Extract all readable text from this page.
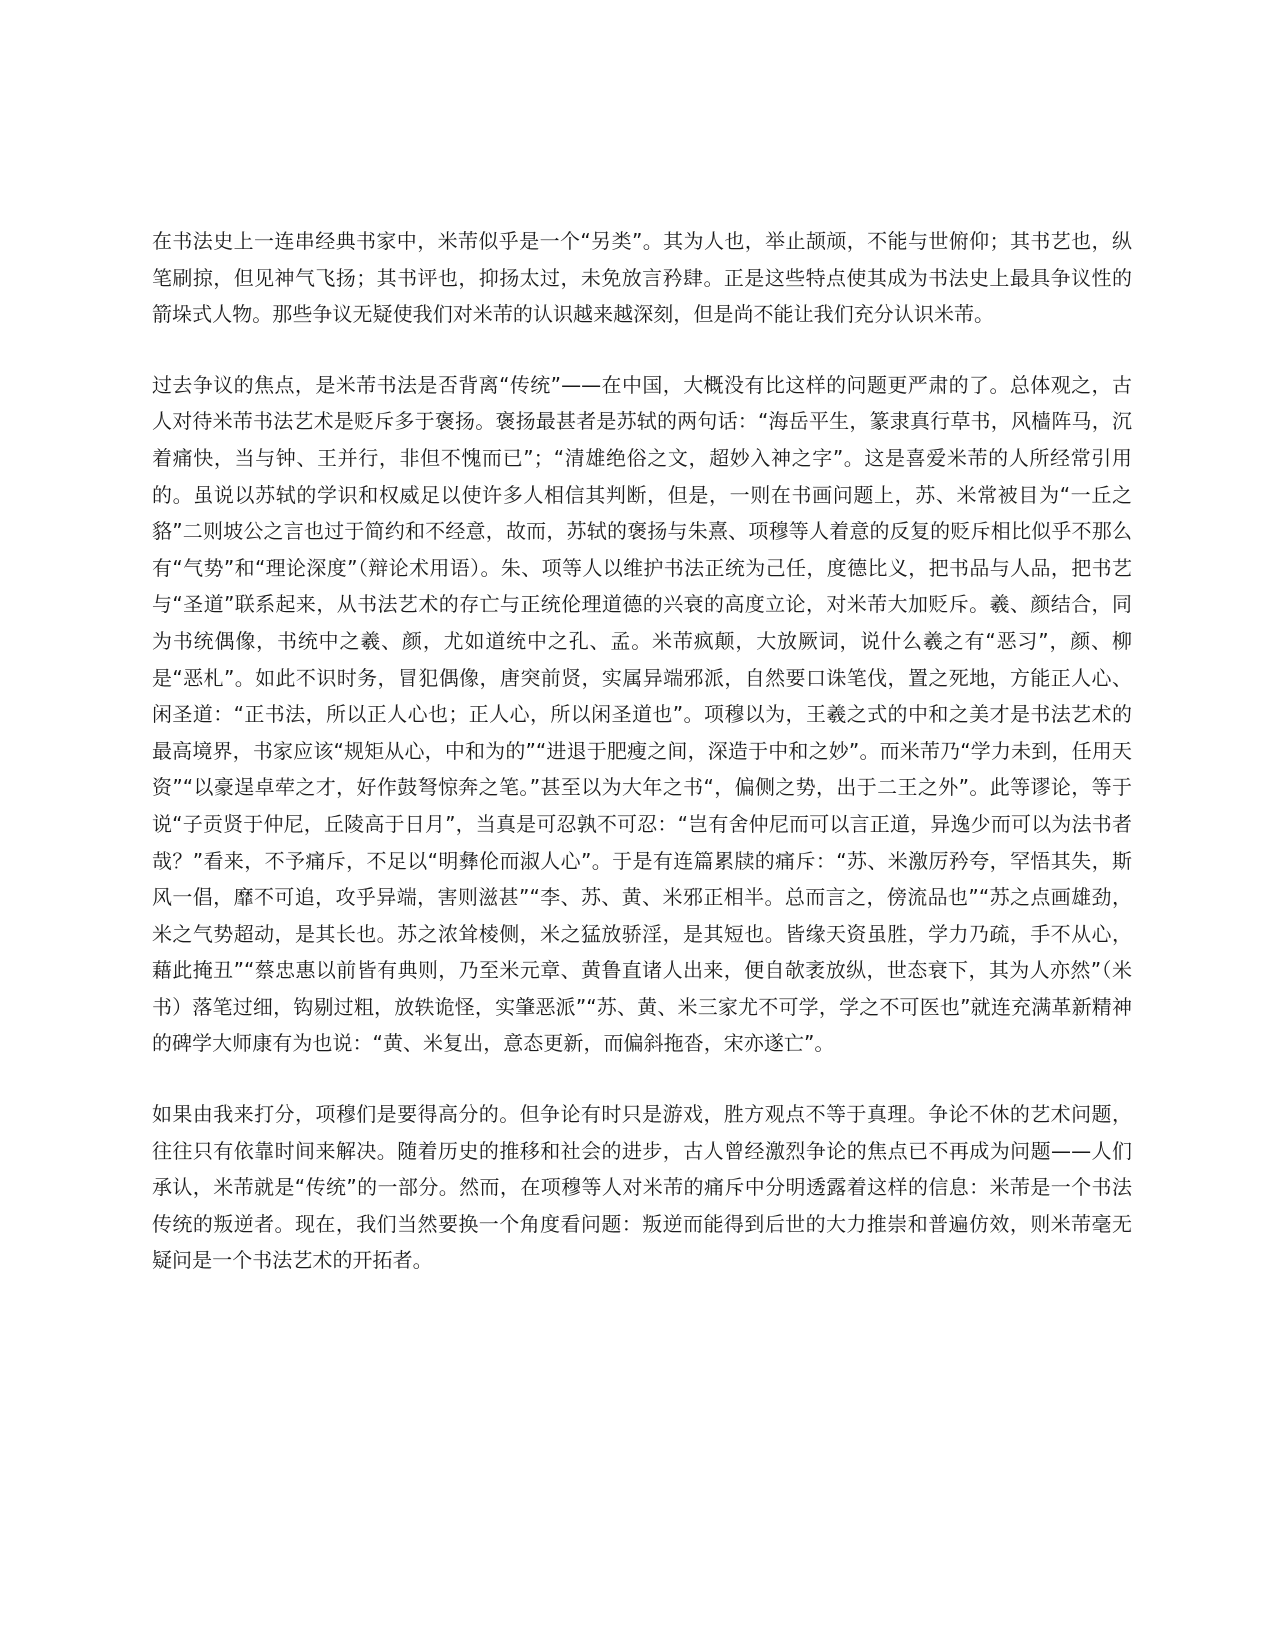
在书法史上一连串经典书家中，米芾似乎是一个“另类”。其为人也，举止颉颃，不能与世俯仰；其书艺也，纵笔刷掠，但见神气飞扬；其书评也，抑扬太过，未免放言矜肆。正是这些特点使其成为书法史上最具争议性的箭垛式人物。那些争议无疑使我们对米芾的认识越来越深刻，但是尚不能让我们充分认识米芾。

过去争议的焦点，是米芾书法是否背离“传统”——在中国，大概没有比这样的问题更严肃的了。总体观之，古人对待米芾书法艺术是贬斥多于褒扬。褒扬最甚者是苏轼的两句话：“海岳平生，篆隶真行草书，风樯阵马，沉着痛快，当与钟、王并行，非但不愧而已”；“清雄绝俗之文，超妙入神之字”。这是喜爱米芾的人所经常引用的。虽说以苏轼的学识和权威足以使许多人相信其判断，但是，一则在书画问题上，苏、米常被目为“一丘之貉”二则坡公之言也过于简约和不经意，故而，苏轼的褒扬与朱熹、项穆等人着意的反复的贬斥相比似乎不那么有“气势”和“理论深度”（辩论术用语）。朱、项等人以维护书法正统为己任，度德比义，把书品与人品，把书艺与“圣道”联系起来，从书法艺术的存亡与正统伦理道德的兴衰的高度立论，对米芾大加贬斥。羲、颜结合，同为书统偶像，书统中之羲、颜，尤如道统中之孔、孟。米芾疯颠，大放厥词，说什么羲之有“恶习”，颜、柳是“恶札”。如此不识时务，冒犯偶像，唐突前贤，实属异端邪派，自然要口诛笔伐，置之死地，方能正人心、闲圣道：“正书法，所以正人心也；正人心，所以闲圣道也”。项穆以为，王羲之式的中和之美才是书法艺术的最高境界，书家应该“规矩从心，中和为的”“进退于肥瘦之间，深造于中和之妙”。而米芾乃“学力未到，任用天资”“以豪逞卓荦之才，好作鼓弩惊奔之笔。”甚至以为大年之书“，偏侧之势，出于二王之外”。此等谬论，等于说“子贡贤于仲尼，丘陵高于日月”，当真是可忍孰不可忍：“岂有舍仲尼而可以言正道，异逸少而可以为法书者哉？”看来，不予痛斥，不足以“明彝伦而淑人心”。于是有连篇累牍的痛斥：“苏、米激厉矜夸，罕悟其失，斯风一倡，靡不可追，攻乎异端，害则滋甚”“李、苏、黄、米邪正相半。总而言之，傍流品也”“苏之点画雄劲，米之气势超动，是其长也。苏之浓耸棱侧，米之猛放骄淫，是其短也。皆缘天资虽胜，学力乃疏，手不从心，藉此掩丑”“蔡忠惠以前皆有典则，乃至米元章、黄鲁直诸人出来，便自欹袤放纵，世态衰下，其为人亦然”（米书）落笔过细，钩剔过粗，放轶诡怪，实肇恶派”“苏、黄、米三家尤不可学，学之不可医也”就连充满革新精神的碑学大师康有为也说：“黄、米复出，意态更新，而偏斜拖沓，宋亦遂亡”。

如果由我来打分，项穆们是要得高分的。但争论有时只是游戏，胜方观点不等于真理。争论不休的艺术问题，往往只有依靠时间来解决。随着历史的推移和社会的进步，古人曾经激烈争论的焦点已不再成为问题——人们承认，米芾就是“传统”的一部分。然而，在项穆等人对米芾的痛斥中分明透露着这样的信息：米芾是一个书法传统的叛逆者。现在，我们当然要换一个角度看问题：叛逆而能得到后世的大力推崇和普遍仿效，则米芾毫无疑问是一个书法艺术的开拓者。
